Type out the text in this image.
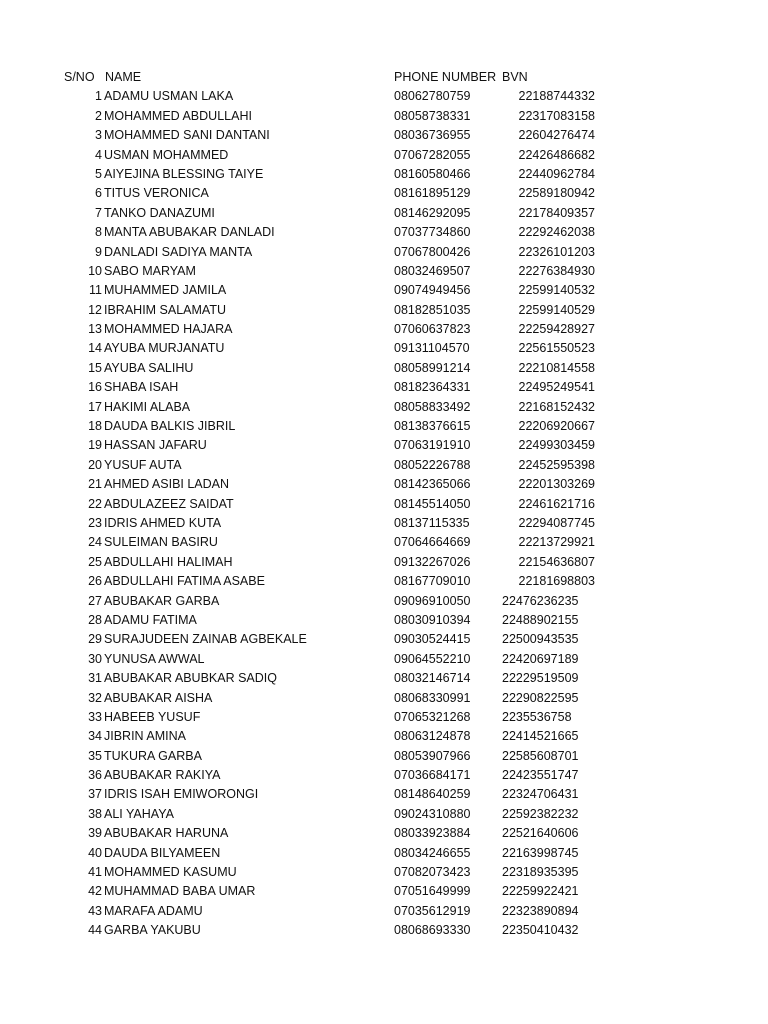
S/NO NAME	PHONE NUMBER BVN
1 ADAMU USMAN LAKA	08062780759	22188744332
2 MOHAMMED ABDULLAHI	08058738331	22317083158
3 MOHAMMED SANI DANTANI	08036736955	22604276474
4 USMAN MOHAMMED	07067282055	22426486682
5 AIYEJINA BLESSING TAIYE	08160580466	22440962784
6 TITUS VERONICA	08161895129	22589180942
7 TANKO DANAZUMI	08146292095	22178409357
8 MANTA ABUBAKAR DANLADI	07037734860	22292462038
9 DANLADI SADIYA MANTA	07067800426	22326101203
10 SABO MARYAM	08032469507	22276384930
11 MUHAMMED JAMILA	09074949456	22599140532
12 IBRAHIM SALAMATU	08182851035	22599140529
13 MOHAMMED HAJARA	07060637823	22259428927
14 AYUBA MURJANATU	09131104570	22561550523
15 AYUBA SALIHU	08058991214	22210814558
16 SHABA ISAH	08182364331	22495249541
17 HAKIMI ALABA	08058833492	22168152432
18 DAUDA BALKIS JIBRIL	08138376615	22206920667
19 HASSAN JAFARU	07063191910	22499303459
20 YUSUF AUTA	08052226788	22452595398
21 AHMED ASIBI LADAN	08142365066	22201303269
22 ABDULAZEEZ SAIDAT	08145514050	22461621716
23 IDRIS AHMED KUTA	08137115335	22294087745
24 SULEIMAN BASIRU	07064664669	22213729921
25 ABDULLAHI HALIMAH	09132267026	22154636807
26 ABDULLAHI FATIMA ASABE	08167709010	22181698803
27 ABUBAKAR GARBA	09096910050	22476236235
28 ADAMU FATIMA	08030910394	22488902155
29 SURAJUDEEN ZAINAB AGBEKALE	09030524415	22500943535
30 YUNUSA AWWAL	09064552210	22420697189
31 ABUBAKAR ABUBKAR SADIQ	08032146714	22229519509
32 ABUBAKAR AISHA	08068330991	22290822595
33 HABEEB YUSUF	07065321268	2235536758
34 JIBRIN AMINA	08063124878	22414521665
35 TUKURA GARBA	08053907966	22585608701
36 ABUBAKAR RAKIYA	07036684171	22423551747
37 IDRIS ISAH EMIWORONGI	08148640259	22324706431
38 ALI YAHAYA	09024310880	22592382232
39 ABUBAKAR HARUNA	08033923884	22521640606
40 DAUDA BILYAMEEN	08034246655	22163998745
41 MOHAMMED KASUMU	07082073423	22318935395
42 MUHAMMAD BABA UMAR	07051649999	22259922421
43 MARAFA ADAMU	07035612919	22323890894
44 GARBA YAKUBU	08068693330	22350410432
